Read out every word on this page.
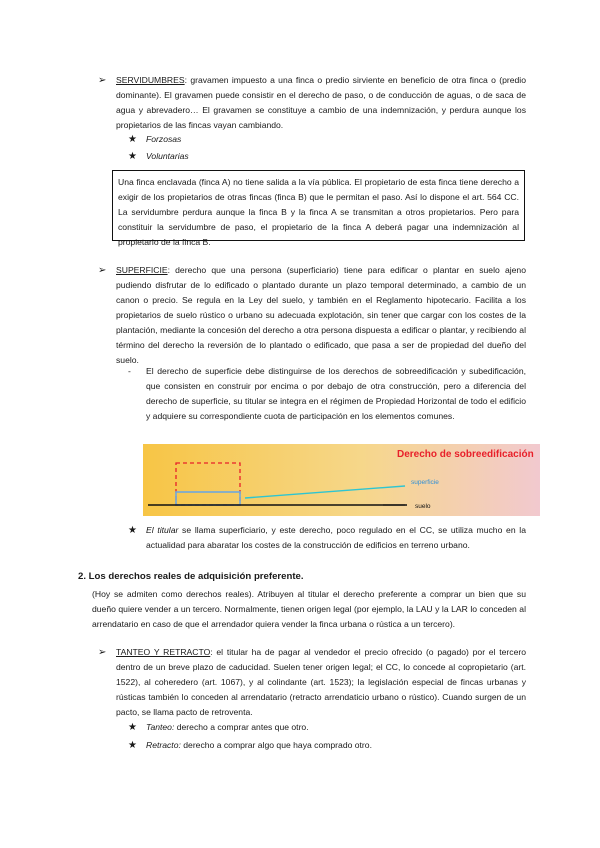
➢ SERVIDUMBRES: gravamen impuesto a una finca o predio sirviente en beneficio de otra finca o (predio dominante). El gravamen puede consistir en el derecho de paso, o de conducción de aguas, o de saca de agua y abrevadero… El gravamen se constituye a cambio de una indemnización, y perdura aunque los propietarios de las fincas vayan cambiando.

★ Forzosas
★ Voluntarias

Una finca enclavada (finca A) no tiene salida a la vía pública. El propietario de esta finca tiene derecho a exigir de los propietarios de otras fincas (finca B) que le permitan el paso. Así lo dispone el art. 564 CC. La servidumbre perdura aunque la finca B y la finca A se transmitan a otros propietarios. Pero para constituir la servidumbre de paso, el propietario de la finca A deberá pagar una indemnización al propietario de la finca B.

➢ SUPERFICIE: derecho que una persona (superficiario) tiene para edificar o plantar en suelo ajeno pudiendo disfrutar de lo edificado o plantado durante un plazo temporal determinado, a cambio de un canon o precio. Se regula en la Ley del suelo, y también en el Reglamento hipotecario. Facilita a los propietarios de suelo rústico o urbano su adecuada explotación, sin tener que cargar con los costes de la plantación, mediante la concesión del derecho a otra persona dispuesta a edificar o plantar, y recibiendo al término del derecho la reversión de lo plantado o edificado, que pasa a ser de propiedad del dueño del suelo.

- El derecho de superficie debe distinguirse de los derechos de sobreedificación y subedificación, que consisten en construir por encima o por debajo de otra construcción, pero a diferencia del derecho de superficie, su titular se integra en el régimen de Propiedad Horizontal de todo el edificio y adquiere su correspondiente cuota de participación en los elementos comunes.

Derecho de sobreedificación
superficie
suelo
★ El titular se llama superficiario, y este derecho, poco regulado en el CC, se utiliza mucho en la actualidad para abaratar los costes de la construcción de edificios en terreno urbano.

2. Los derechos reales de adquisición preferente.

(Hoy se admiten como derechos reales). Atribuyen al titular el derecho preferente a comprar un bien que su dueño quiere vender a un tercero. Normalmente, tienen origen legal (por ejemplo, la LAU y la LAR lo conceden al arrendatario en caso de que el arrendador quiera vender la finca urbana o rústica a un tercero).

➢ TANTEO Y RETRACTO: el titular ha de pagar al vendedor el precio ofrecido (o pagado) por el tercero dentro de un breve plazo de caducidad. Suelen tener origen legal; el CC, lo concede al copropietario (art. 1522), al coheredero (art. 1067), y al colindante (art. 1523); la legislación especial de fincas urbanas y rústicas también lo conceden al arrendatario (retracto arrendaticio urbano o rústico). Cuando surgen de un pacto, se llama pacto de retroventa.

★ Tanteo: derecho a comprar antes que otro.

★ Retracto: derecho a comprar algo que haya comprado otro.
